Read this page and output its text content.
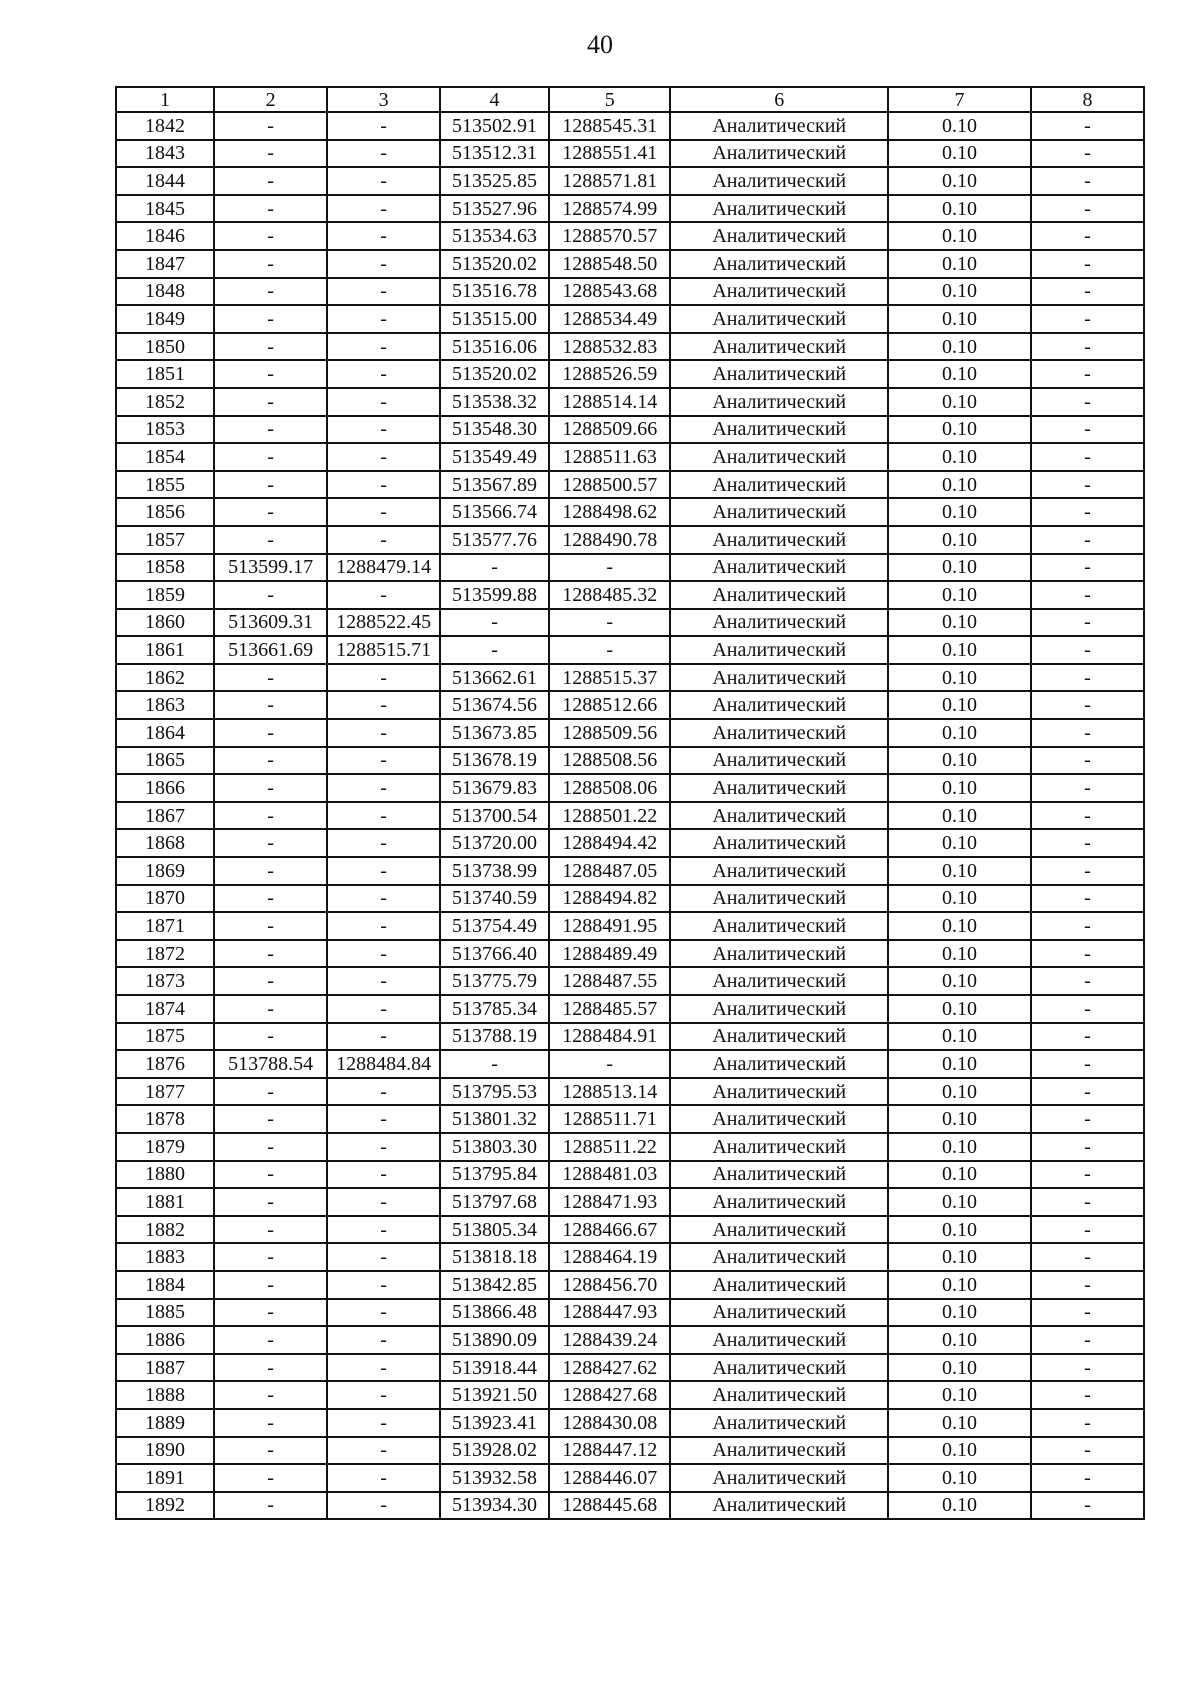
40
1	2	3	4	5	6	7	8
1842	-	-	513502.91	1288545.31	Аналитический	0.10	-
1843	-	-	513512.31	1288551.41	Аналитический	0.10	-
1844	-	-	513525.85	1288571.81	Аналитический	0.10	-
1845	-	-	513527.96	1288574.99	Аналитический	0.10	-
1846	-	-	513534.63	1288570.57	Аналитический	0.10	-
1847	-	-	513520.02	1288548.50	Аналитический	0.10	-
1848	-	-	513516.78	1288543.68	Аналитический	0.10	-
1849	-	-	513515.00	1288534.49	Аналитический	0.10	-
1850	-	-	513516.06	1288532.83	Аналитический	0.10	-
1851	-	-	513520.02	1288526.59	Аналитический	0.10	-
1852	-	-	513538.32	1288514.14	Аналитический	0.10	-
1853	-	-	513548.30	1288509.66	Аналитический	0.10	-
1854	-	-	513549.49	1288511.63	Аналитический	0.10	-
1855	-	-	513567.89	1288500.57	Аналитический	0.10	-
1856	-	-	513566.74	1288498.62	Аналитический	0.10	-
1857	-	-	513577.76	1288490.78	Аналитический	0.10	-
1858	513599.17	1288479.14	-	-	Аналитический	0.10	-
1859	-	-	513599.88	1288485.32	Аналитический	0.10	-
1860	513609.31	1288522.45	-	-	Аналитический	0.10	-
1861	513661.69	1288515.71	-	-	Аналитический	0.10	-
1862	-	-	513662.61	1288515.37	Аналитический	0.10	-
1863	-	-	513674.56	1288512.66	Аналитический	0.10	-
1864	-	-	513673.85	1288509.56	Аналитический	0.10	-
1865	-	-	513678.19	1288508.56	Аналитический	0.10	-
1866	-	-	513679.83	1288508.06	Аналитический	0.10	-
1867	-	-	513700.54	1288501.22	Аналитический	0.10	-
1868	-	-	513720.00	1288494.42	Аналитический	0.10	-
1869	-	-	513738.99	1288487.05	Аналитический	0.10	-
1870	-	-	513740.59	1288494.82	Аналитический	0.10	-
1871	-	-	513754.49	1288491.95	Аналитический	0.10	-
1872	-	-	513766.40	1288489.49	Аналитический	0.10	-
1873	-	-	513775.79	1288487.55	Аналитический	0.10	-
1874	-	-	513785.34	1288485.57	Аналитический	0.10	-
1875	-	-	513788.19	1288484.91	Аналитический	0.10	-
1876	513788.54	1288484.84	-	-	Аналитический	0.10	-
1877	-	-	513795.53	1288513.14	Аналитический	0.10	-
1878	-	-	513801.32	1288511.71	Аналитический	0.10	-
1879	-	-	513803.30	1288511.22	Аналитический	0.10	-
1880	-	-	513795.84	1288481.03	Аналитический	0.10	-
1881	-	-	513797.68	1288471.93	Аналитический	0.10	-
1882	-	-	513805.34	1288466.67	Аналитический	0.10	-
1883	-	-	513818.18	1288464.19	Аналитический	0.10	-
1884	-	-	513842.85	1288456.70	Аналитический	0.10	-
1885	-	-	513866.48	1288447.93	Аналитический	0.10	-
1886	-	-	513890.09	1288439.24	Аналитический	0.10	-
1887	-	-	513918.44	1288427.62	Аналитический	0.10	-
1888	-	-	513921.50	1288427.68	Аналитический	0.10	-
1889	-	-	513923.41	1288430.08	Аналитический	0.10	-
1890	-	-	513928.02	1288447.12	Аналитический	0.10	-
1891	-	-	513932.58	1288446.07	Аналитический	0.10	-
1892	-	-	513934.30	1288445.68	Аналитический	0.10	-
